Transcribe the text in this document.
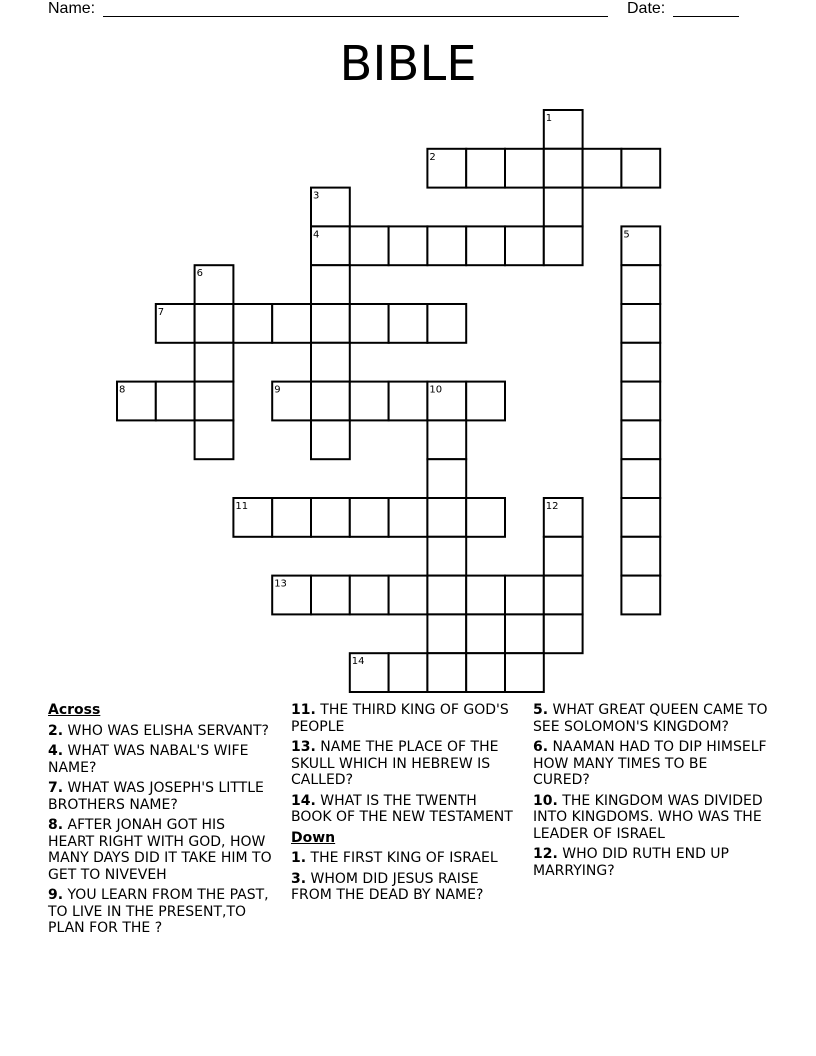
Name:	Date:
BIBLE
1
2
3
4	5
6
7
8	9	10
11	12
13
14
Across
2. WHO WAS ELISHA SERVANT?
4. WHAT WAS NABAL'S WIFE NAME?
7. WHAT WAS JOSEPH'S LITTLE BROTHERS NAME?
8. AFTER JONAH GOT HIS HEART RIGHT WITH GOD, HOW MANY DAYS DID IT TAKE HIM TO GET TO NIVEVEH
9. YOU LEARN FROM THE PAST, TO LIVE IN THE PRESENT,TO PLAN FOR THE ?
11. THE THIRD KING OF GOD'S PEOPLE
13. NAME THE PLACE OF THE SKULL WHICH IN HEBREW IS CALLED?
14. WHAT IS THE TWENTH BOOK OF THE NEW TESTAMENT
Down
1. THE FIRST KING OF ISRAEL
3. WHOM DID JESUS RAISE FROM THE DEAD BY NAME?
5. WHAT GREAT QUEEN CAME TO SEE SOLOMON'S KINGDOM?
6. NAAMAN HAD TO DIP HIMSELF HOW MANY TIMES TO BE CURED?
10. THE KINGDOM WAS DIVIDED INTO KINGDOMS. WHO WAS THE LEADER OF ISRAEL
12. WHO DID RUTH END UP MARRYING?
